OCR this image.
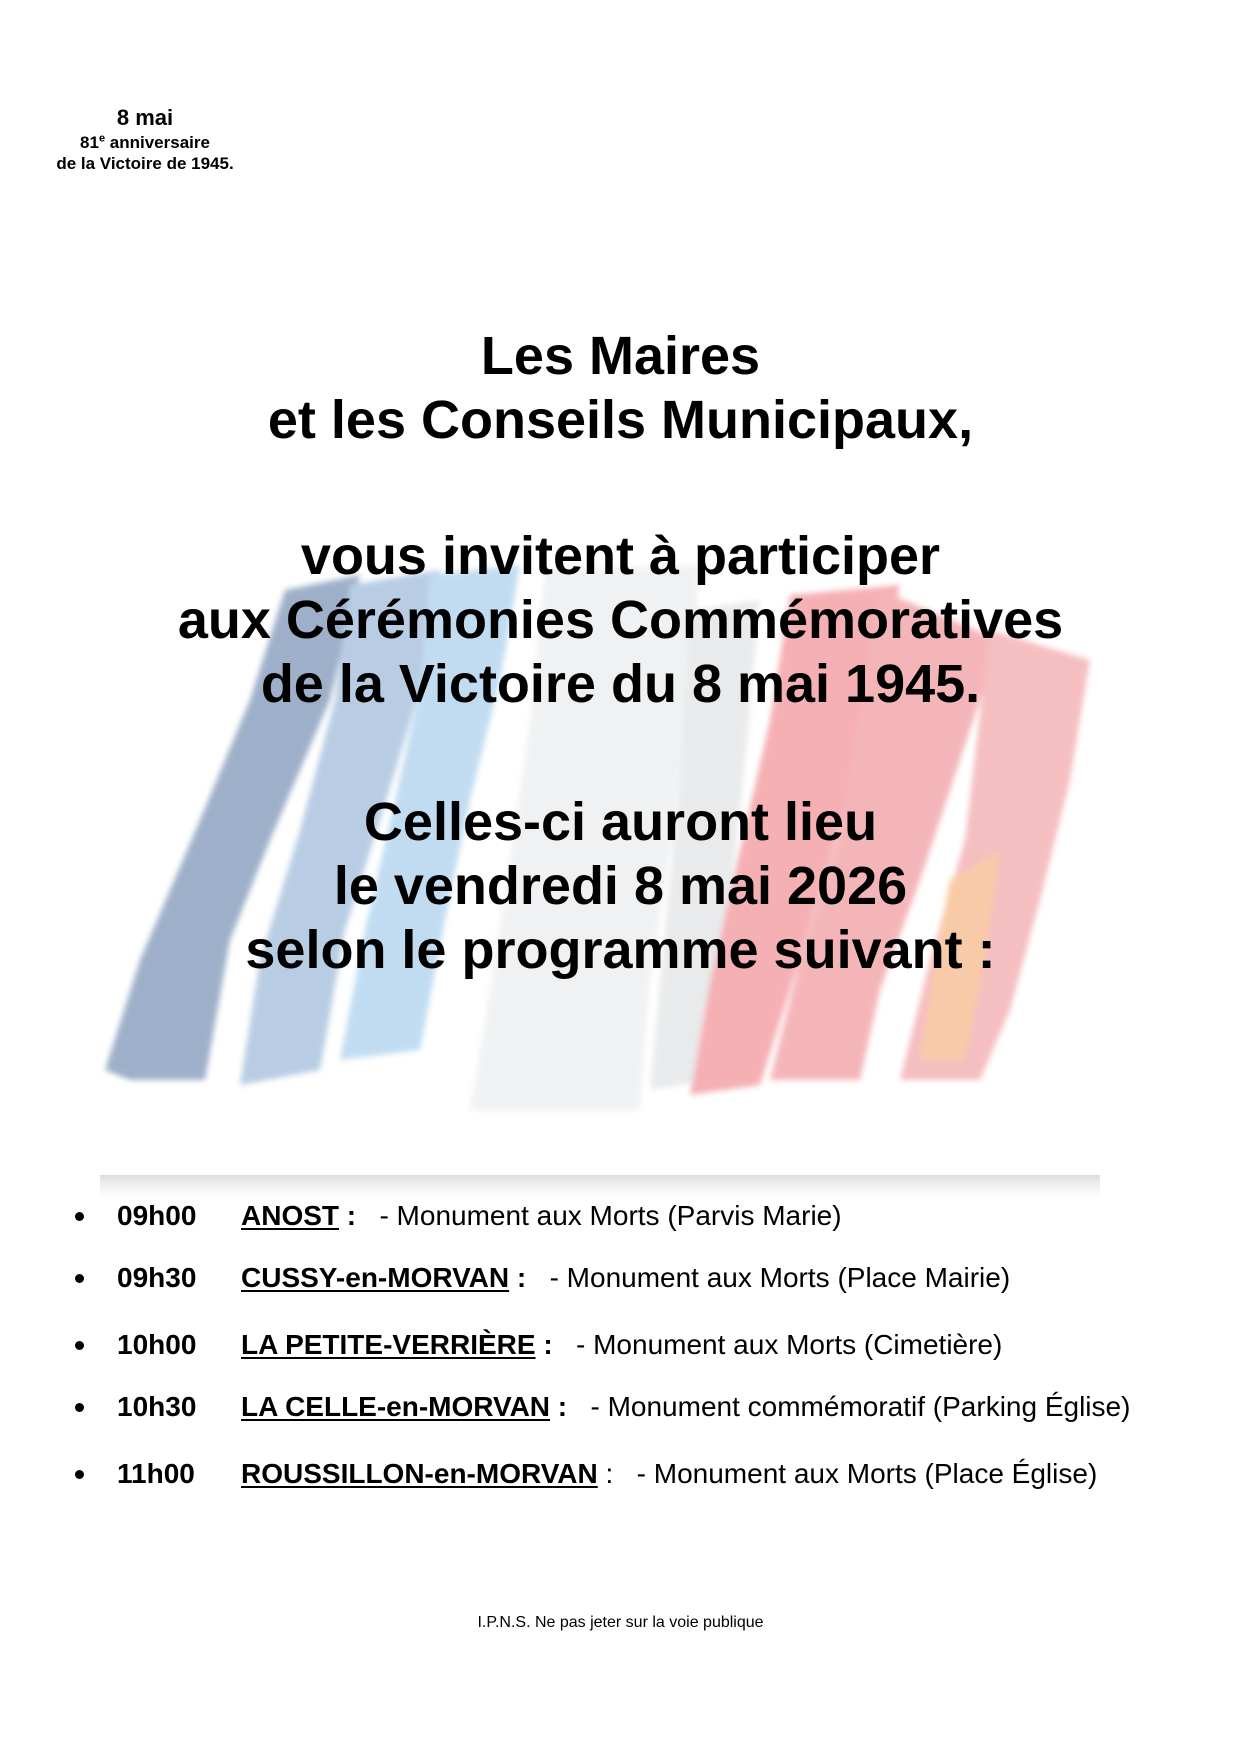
8 mai
81e anniversaire
de la Victoire de 1945.
Les Maires
et les Conseils Municipaux,
vous invitent à participer
aux Cérémonies Commémoratives
de la Victoire du 8 mai 1945.
Celles-ci auront lieu
le vendredi 8 mai 2026
selon le programme suivant :
09h00 ANOST : - Monument aux Morts (Parvis Marie)
09h30 CUSSY-en-MORVAN : - Monument aux Morts (Place Mairie)
10h00 LA PETITE-VERRIÈRE : - Monument aux Morts (Cimetière)
10h30 LA CELLE-en-MORVAN : - Monument commémoratif (Parking Église)
11h00 ROUSSILLON-en-MORVAN : - Monument aux Morts (Place Église)
I.P.N.S. Ne pas jeter sur la voie publique
